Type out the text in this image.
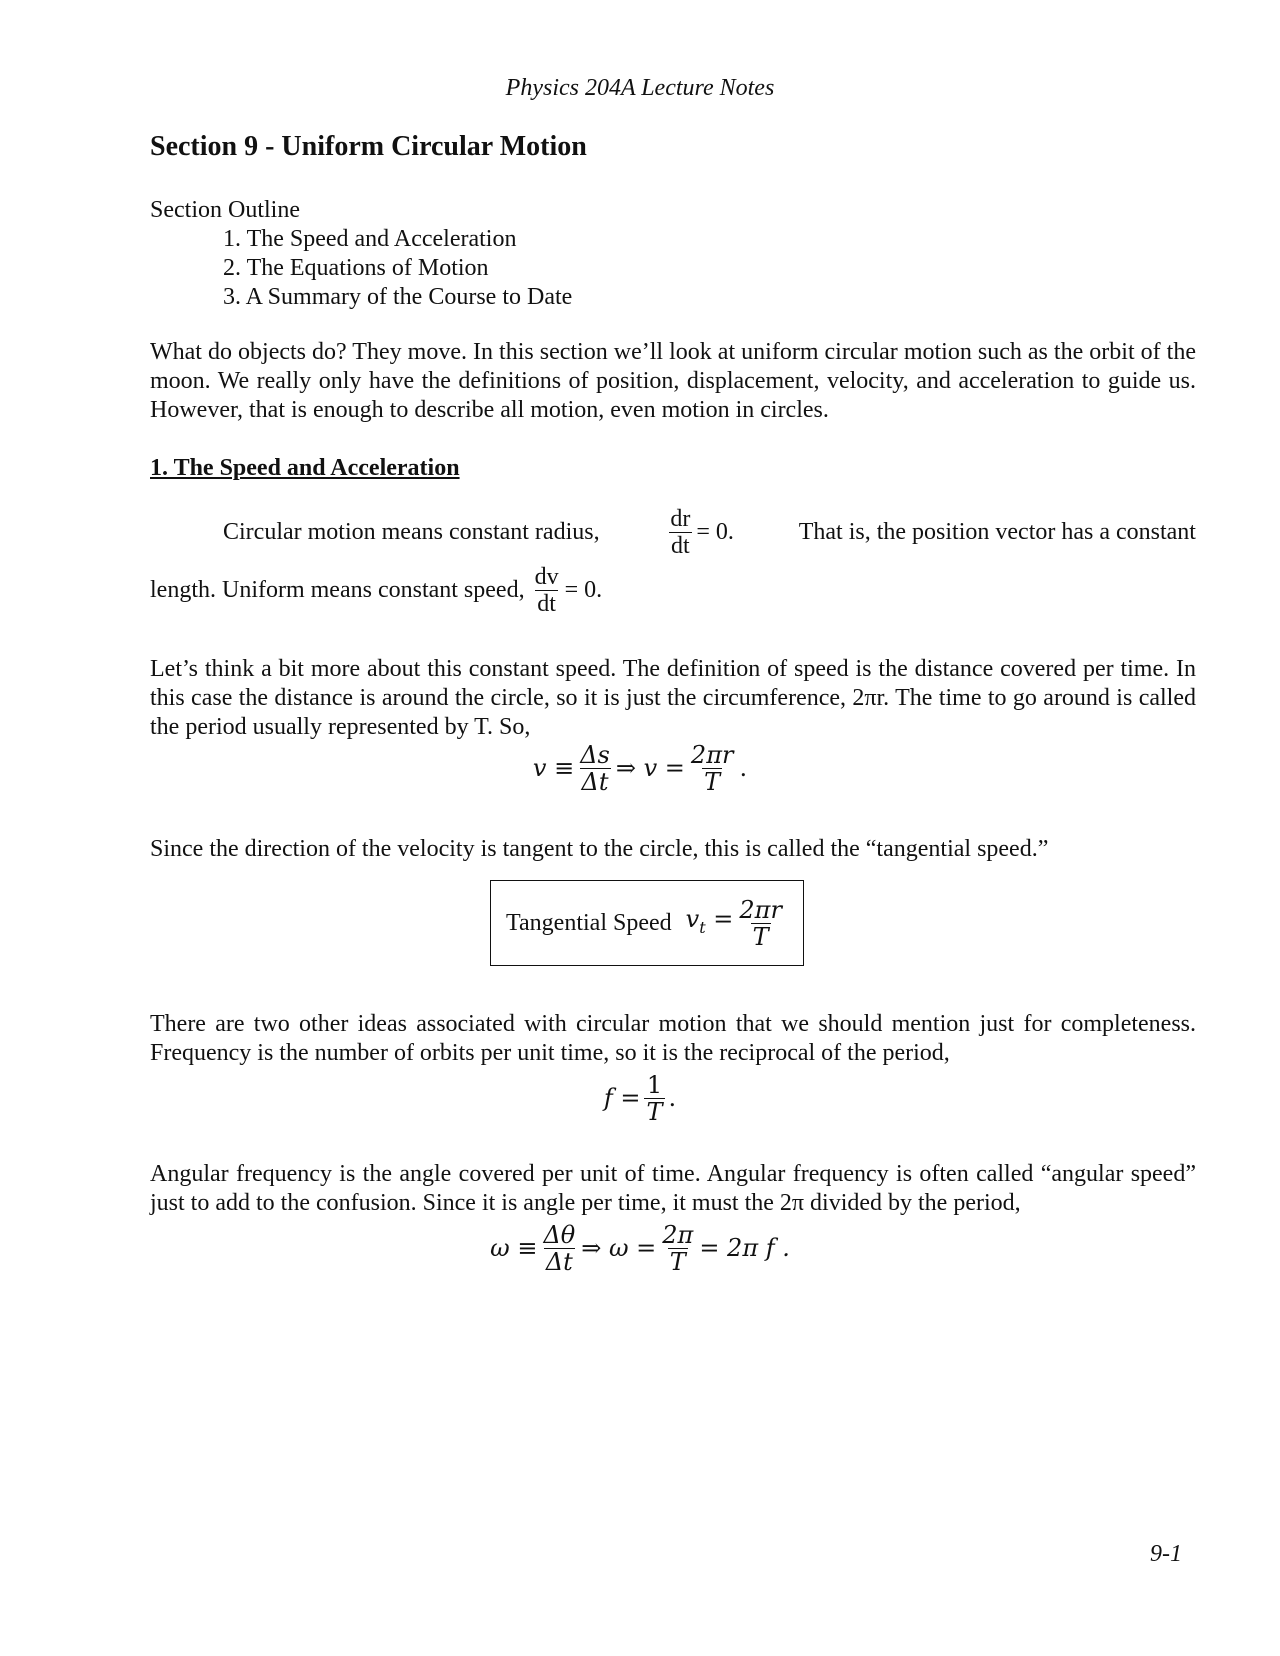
Physics 204A Lecture Notes
Section 9 - Uniform Circular Motion
Section Outline
1. The Speed and Acceleration
2. The Equations of Motion
3. A Summary of the Course to Date
What do objects do? They move. In this section we’ll look at uniform circular motion such as the orbit of the moon. We really only have the definitions of position, displacement, velocity, and acceleration to guide us. However, that is enough to describe all motion, even motion in circles.
1. The Speed and Acceleration
Circular motion means constant radius,	$\frac{dr}{dt} = 0$.	That is, the position vector has a constant
length. Uniform means constant speed, $\frac{dv}{dt} = 0$.
Let’s think a bit more about this constant speed. The definition of speed is the distance covered per time. In this case the distance is around the circle, so it is just the circumference, 2πr. The time to go around is called the period usually represented by T. So,
$v \equiv \frac{\Delta s}{\Delta t}$ ⇒ $v = \frac{2\pi r}{T}$ .
Since the direction of the velocity is tangent to the circle, this is called the “tangential speed.”
Tangential Speed $v_t = \frac{2\pi r}{T}$
There are two other ideas associated with circular motion that we should mention just for completeness. Frequency is the number of orbits per unit time, so it is the reciprocal of the period,
$f = \frac{1}{T}$ .
Angular frequency is the angle covered per unit of time. Angular frequency is often called “angular speed” just to add to the confusion. Since it is angle per time, it must the 2π divided by the period,
$\omega \equiv \frac{\Delta\theta}{\Delta t}$ ⇒ $\omega = \frac{2\pi}{T} = 2\pi$ f .
9-1
